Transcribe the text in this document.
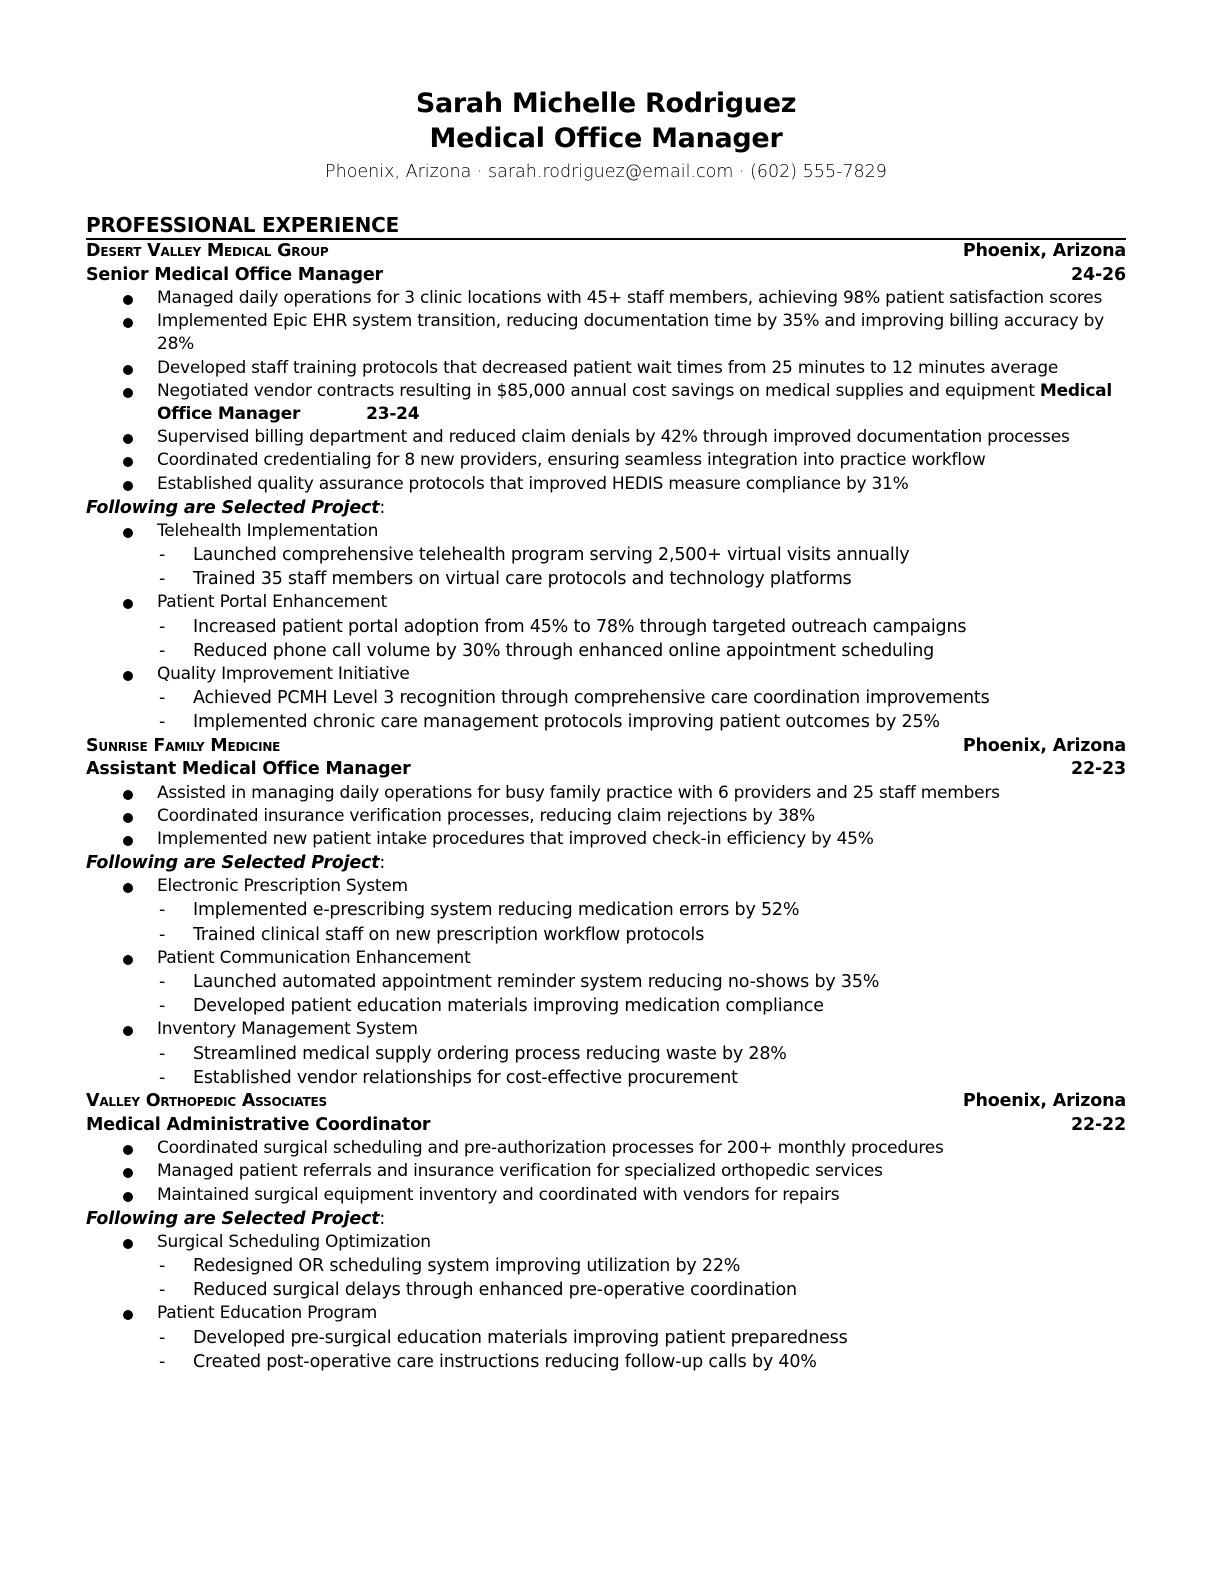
Sarah Michelle Rodriguez
Medical Office Manager
Phoenix, Arizona · sarah.rodriguez@email.com · (602) 555-7829
PROFESSIONAL EXPERIENCE
Desert Valley Medical Group	Phoenix, Arizona
Senior Medical Office Manager	24-26
Managed daily operations for 3 clinic locations with 45+ staff members, achieving 98% patient satisfaction scores
Implemented Epic EHR system transition, reducing documentation time by 35% and improving billing accuracy by 28%
Developed staff training protocols that decreased patient wait times from 25 minutes to 12 minutes average
Negotiated vendor contracts resulting in $85,000 annual cost savings on medical supplies and equipment Medical Office Manager	23-24
Supervised billing department and reduced claim denials by 42% through improved documentation processes
Coordinated credentialing for 8 new providers, ensuring seamless integration into practice workflow
Established quality assurance protocols that improved HEDIS measure compliance by 31%
Following are Selected Project:
Telehealth Implementation
- Launched comprehensive telehealth program serving 2,500+ virtual visits annually
- Trained 35 staff members on virtual care protocols and technology platforms
Patient Portal Enhancement
- Increased patient portal adoption from 45% to 78% through targeted outreach campaigns
- Reduced phone call volume by 30% through enhanced online appointment scheduling
Quality Improvement Initiative
- Achieved PCMH Level 3 recognition through comprehensive care coordination improvements
- Implemented chronic care management protocols improving patient outcomes by 25%
Sunrise Family Medicine	Phoenix, Arizona
Assistant Medical Office Manager	22-23
Assisted in managing daily operations for busy family practice with 6 providers and 25 staff members
Coordinated insurance verification processes, reducing claim rejections by 38%
Implemented new patient intake procedures that improved check-in efficiency by 45%
Following are Selected Project:
Electronic Prescription System
- Implemented e-prescribing system reducing medication errors by 52%
- Trained clinical staff on new prescription workflow protocols
Patient Communication Enhancement
- Launched automated appointment reminder system reducing no-shows by 35%
- Developed patient education materials improving medication compliance
Inventory Management System
- Streamlined medical supply ordering process reducing waste by 28%
- Established vendor relationships for cost-effective procurement
Valley Orthopedic Associates	Phoenix, Arizona
Medical Administrative Coordinator	22-22
Coordinated surgical scheduling and pre-authorization processes for 200+ monthly procedures
Managed patient referrals and insurance verification for specialized orthopedic services
Maintained surgical equipment inventory and coordinated with vendors for repairs
Following are Selected Project:
Surgical Scheduling Optimization
- Redesigned OR scheduling system improving utilization by 22%
- Reduced surgical delays through enhanced pre-operative coordination
Patient Education Program
- Developed pre-surgical education materials improving patient preparedness
- Created post-operative care instructions reducing follow-up calls by 40%
